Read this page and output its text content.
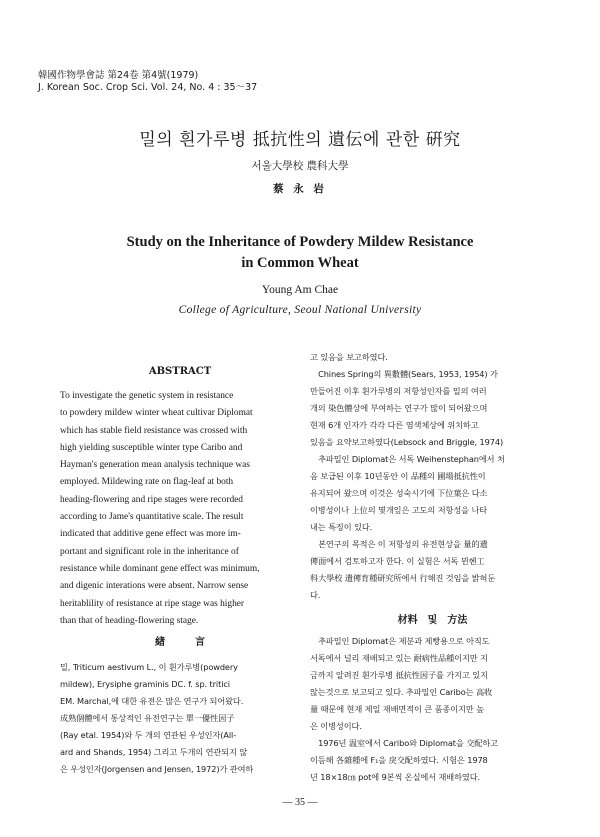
韓國作物學會誌 第24卷 第4號(1979)
J. Korean Soc. Crop Sci. Vol. 24, No. 4 : 35～37
밀의 흰가루병 抵抗性의 遺伝에 관한 硏究
서울大學校 農科大學
蔡 永 岩
Study on the Inheritance of Powdery Mildew Resistance
in Common Wheat
Young Am Chae
College of Agriculture, Seoul National University
ABSTRACT
To investigate the genetic system in resistance
to powdery mildew winter wheat cultivar Diplomat
which has stable field resistance was crossed with
high yielding susceptible winter type Caribo and
Hayman's generation mean analysis technique was
employed. Mildewing rate on flag-leaf at both
heading-flowering and ripe stages were recorded
according to Jame's quantitative scale. The result
indicated that additive gene effect was more im-
portant and significant role in the inheritance of
resistance while dominant gene effect was minimum,
and digenic interations were absent. Narrow sense
heritablility of resistance at ripe stage was higher
than that of heading-flowering stage.
緖　　　言
밀, Triticum aestivum L., 이 흰가루병(powdery
mildew), Erysiphe graminis DC. f. sp. tritici
EM. Marchal,에 대한 유전은 많은 연구가 되어왔다.
成熟個體에서 통상적인 유전연구는 單一優性因子
(Ray etal. 1954)와 두 개의 연관된 우성인자(All-
ard and Shands, 1954) 그리고 두개의 연관되지 않
은 우성인자(Jorgensen and Jensen, 1972)가 관여하
고 있음을 보고하였다.
　Chines Spring의 異數體(Sears, 1953, 1954) 가
만들어진 이후 흰가루병의 저항성인자를 밀의 여러
개의 染色體상에 부여하는 연구가 많이 되어왔으며
현재 6개 인자가 각각 다른 염색체상에 위치하고
있음을 요약보고하였다(Lebsock and Briggle, 1974)
　추파밀인 Diplomat은 서독 Weihenstephan에서 처
음 보급된 이후 10년동안 이 品種의 圃場抵抗性이
유지되어 왔으며 이것은 성숙시기에 下位葉은 다소
이병성이나 上位의 몇개잎은 고도의 저항성을 나타
내는 특징이 있다.
　본연구의 목적은 이 저항성의 유전현상을 量的遺
傳面에서 검토하고자 한다. 이 실험은 서독 뮌헨工
科大學校 遺傳育種研究所에서 行해진 것임을 밝혀둔
다.
材料　및　方法
　추파밀인 Diplomat은 제분과 제빵용으로 아직도
서독에서 널리 재배되고 있는 耐病性品種이지만 지
금까지 알려진 흰가루병 抵抗性因子를 가지고 있지
않는것으로 보고되고 있다. 추파밀인 Caribo는 高收
量 때문에 현재 제일 재배면적이 큰 품종이지만 높
은 이병성이다.
　1976년 温室에서 Caribo와 Diplomat을 交配하고
이듬해 各雜種에 F₁을 戾交配하였다. 시험은 1978
년 18×18㎝ pot에 9본씩 온실에서 재배하였다.
— 35 —
